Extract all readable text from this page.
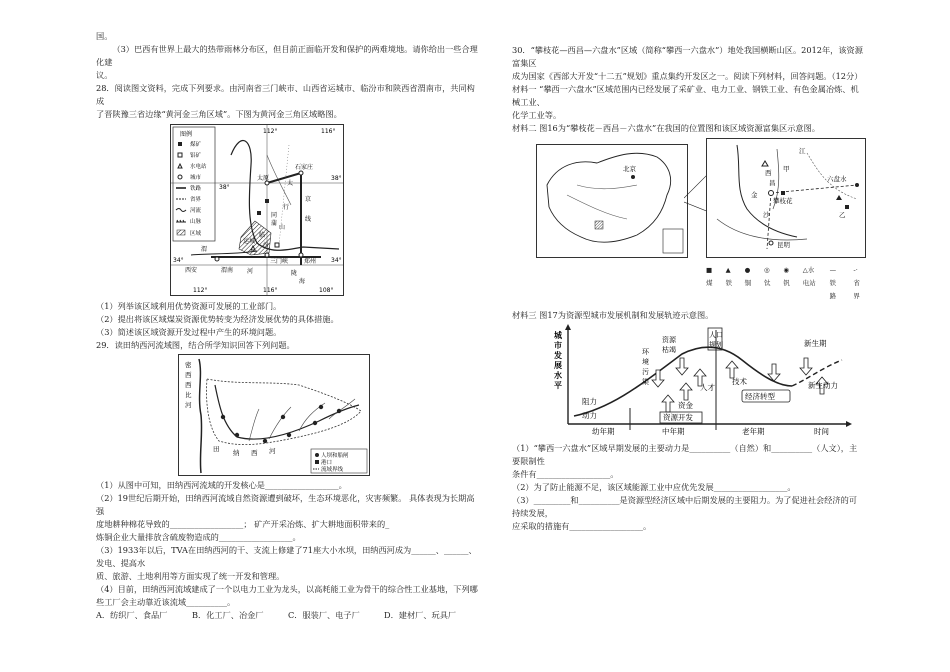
国。

（3）巴西有世界上最大的热带雨林分布区，但目前正面临开发和保护的两难境地。请你给出一些合理化建

议。

28．阅读图文资料，完成下列要求。由河南省三门峡市、山西省运城市、临汾市和陕西省渭南市，共同构成

了晋陕豫三省边缘“黄河金三角区域”。下图为黄河金三角区域略图。

图例
煤矿
铝矿
水电站
城市
铁路
省界
河流
山脉
区域
112°	116°
112°	116°	108°
38°
38°
34°	34°
太原
石家庄
太
行
山
临
汾
三门峡	郑州
西安	渭南 河
运城
京
线
渭
陇
海
同
蒲

（1）列举该区域利用优势资源可发展的工业部门。

（2）提出将该区域煤炭资源优势转变为经济发展优势的具体措施。

（3）简述该区域资源开发过程中产生的环境问题。

29．读田纳西河流域图，结合所学知识回答下列问题。

密
西
西
比
河
田 纳 西 河
人坝和船闸
港口
流域界线

（1）从图中可知，田纳西河流域的开发核心是__________________。

（2）19世纪后期开始，田纳西河流域自然资源遭到破坏，生态环境恶化，灾害频繁。 具体表现为长期高强

度地耕种棉花导致的__________________； 矿产开采冶炼、扩大耕地面积带来的_

炼铜企业大量排放含硫废物造成的__________________。

（3）1933年以后，TVA在田纳西河的干、支流上修建了71座大小水坝，田纳西河成为______、______、发电、提高水

质、旅游、土地利用等方面实现了统一开发和管理。

（4）目前，田纳西河流域建成了一个以电力工业为龙头，以高耗能工业为骨干的综合性工业基地，下列哪

些工厂会主动靠近该流域__________。

A．纺织厂、食品厂	B．化工厂、冶金厂	C．服装厂、电子厂	D．建材厂、玩具厂

30．“攀枝花—西昌—六盘水”区域（简称“攀西一六盘水”）地处我国横断山区。2012年，该资源富集区

成为国家《西部大开发“十二五”规划》重点集约开发区之一。阅读下列材料，回答问题。（12分）

材料一 “攀西一六盘水”区域范围内已经发展了采矿业、电力工业、钢铁工业、有色金属冶炼、机械工业、

化学工业等。

材料二 图16为“攀枝花－西昌－六盘水”在我国的位置图和该区域资源富集区示意图。

北京
江
甲
西
金
昌
沙
六盘水
攀枝花
昆明
乙
■煤
▲铁
●铜
◎钛
◉钒
△水电站
—铁路
-·省界

材料三 图17为资源型城市发展机制和发展轨迹示意图。

城
市
发
展
水
平
人口
规划
资源
枯竭
环
境
污
染
资金
人才
技术
经济转型
新生期
新生动力
阻力
动力	资源开发
幼年期	中年期	老年期	时间

（1）“攀西一六盘水”区域早期发展的主要动力是__________（自然）和__________（人文），主要限制性

条件有__________________。

（2）为了防止能源不足，该区域能源工业中应优先发展__________________。

（3）_________和__________是资源型经济区域中后期发展的主要阻力。为了促进社会经济的可持续发展，

应采取的措施有__________________。
